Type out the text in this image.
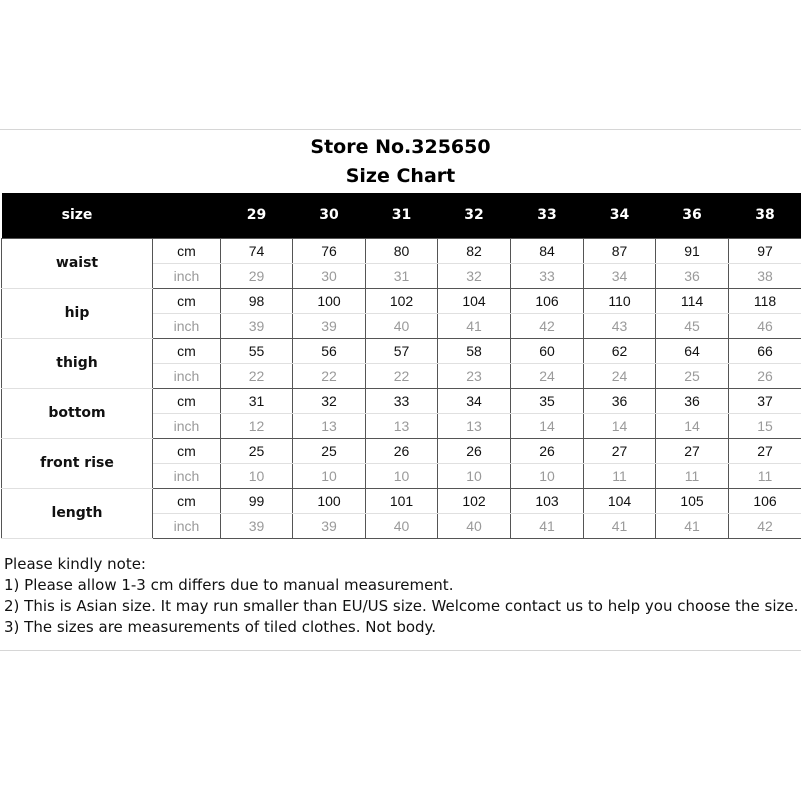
Store No.325650
Size Chart
size		29	30	31	32	33	34	36	38
waist	cm	74	76	80	82	84	87	91	97
	inch	29	30	31	32	33	34	36	38
hip	cm	98	100	102	104	106	110	114	118
	inch	39	39	40	41	42	43	45	46
thigh	cm	55	56	57	58	60	62	64	66
	inch	22	22	22	23	24	24	25	26
bottom	cm	31	32	33	34	35	36	36	37
	inch	12	13	13	13	14	14	14	15
front rise	cm	25	25	26	26	26	27	27	27
	inch	10	10	10	10	10	11	11	11
length	cm	99	100	101	102	103	104	105	106
	inch	39	39	40	40	41	41	41	42
Please kindly note:
1) Please allow 1-3 cm differs due to manual measurement.
2) This is Asian size. It may run smaller than EU/US size. Welcome contact us to help you choose the size.
3) The sizes are measurements of tiled clothes. Not body.
